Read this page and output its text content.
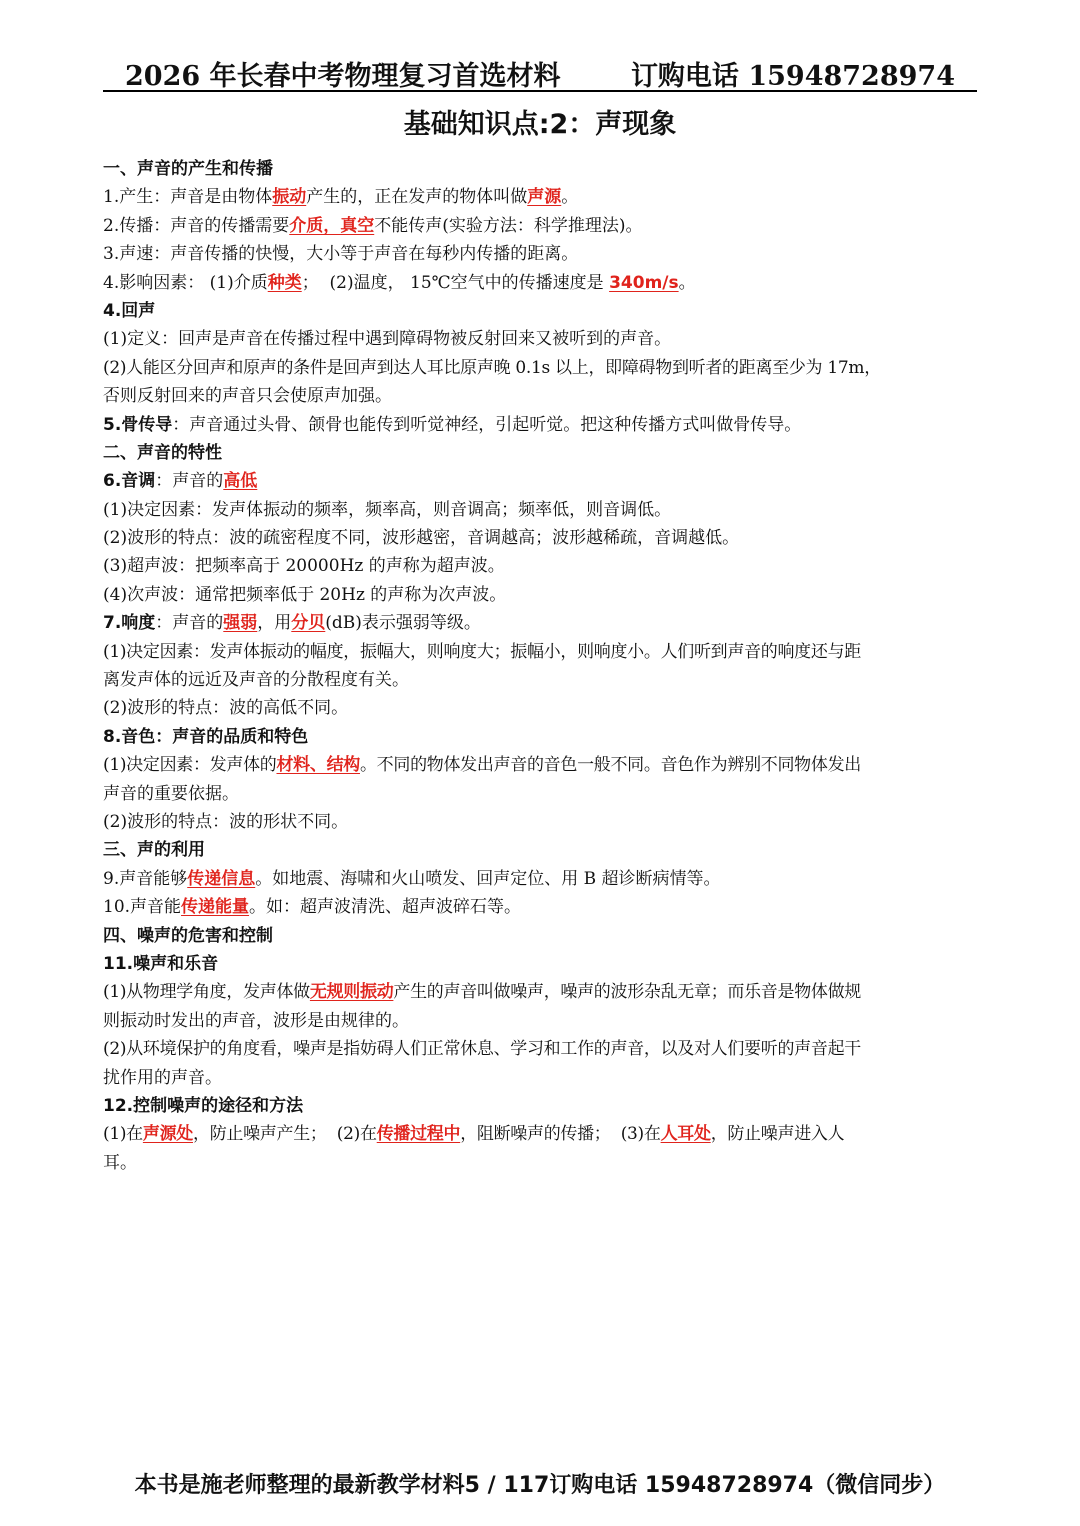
2026 年长春中考物理复习首选材料	订购电话 15948728974
基础知识点:2：声现象
一、声音的产生和传播
1.产生：声音是由物体振动产生的，正在发声的物体叫做声源。
2.传播：声音的传播需要介质，真空不能传声(实验方法：科学推理法)。
3.声速：声音传播的快慢，大小等于声音在每秒内传播的距离。
4.影响因素： (1)介质种类；  (2)温度， 15℃空气中的传播速度是 340m/s。
4.回声
(1)定义：回声是声音在传播过程中遇到障碍物被反射回来又被听到的声音。
(2)人能区分回声和原声的条件是回声到达人耳比原声晚 0.1s 以上，即障碍物到听者的距离至少为 17m，
否则反射回来的声音只会使原声加强。
5.骨传导：声音通过头骨、颌骨也能传到听觉神经，引起听觉。把这种传播方式叫做骨传导。
二、声音的特性
6.音调：声音的高低
(1)决定因素：发声体振动的频率，频率高，则音调高；频率低，则音调低。
(2)波形的特点：波的疏密程度不同，波形越密，音调越高；波形越稀疏，音调越低。
(3)超声波：把频率高于 20000Hz 的声称为超声波。
(4)次声波：通常把频率低于 20Hz 的声称为次声波。
7.响度：声音的强弱，用分贝(dB)表示强弱等级。
(1)决定因素：发声体振动的幅度，振幅大，则响度大；振幅小，则响度小。人们听到声音的响度还与距
离发声体的远近及声音的分散程度有关。
(2)波形的特点：波的高低不同。
8.音色：声音的品质和特色
(1)决定因素：发声体的材料、结构。不同的物体发出声音的音色一般不同。音色作为辨别不同物体发出
声音的重要依据。
(2)波形的特点：波的形状不同。
三、声的利用
9.声音能够传递信息。如地震、海啸和火山喷发、回声定位、用 B 超诊断病情等。
10.声音能传递能量。如：超声波清洗、超声波碎石等。
四、噪声的危害和控制
11.噪声和乐音
(1)从物理学角度，发声体做无规则振动产生的声音叫做噪声，噪声的波形杂乱无章；而乐音是物体做规
则振动时发出的声音，波形是由规律的。
(2)从环境保护的角度看，噪声是指妨碍人们正常休息、学习和工作的声音，以及对人们要听的声音起干
扰作用的声音。
12.控制噪声的途径和方法
(1)在声源处，防止噪声产生；  (2)在传播过程中，阻断噪声的传播；  (3)在人耳处，防止噪声进入人
耳。
本书是施老师整理的最新教学材料5 / 117订购电话 15948728974（微信同步）
